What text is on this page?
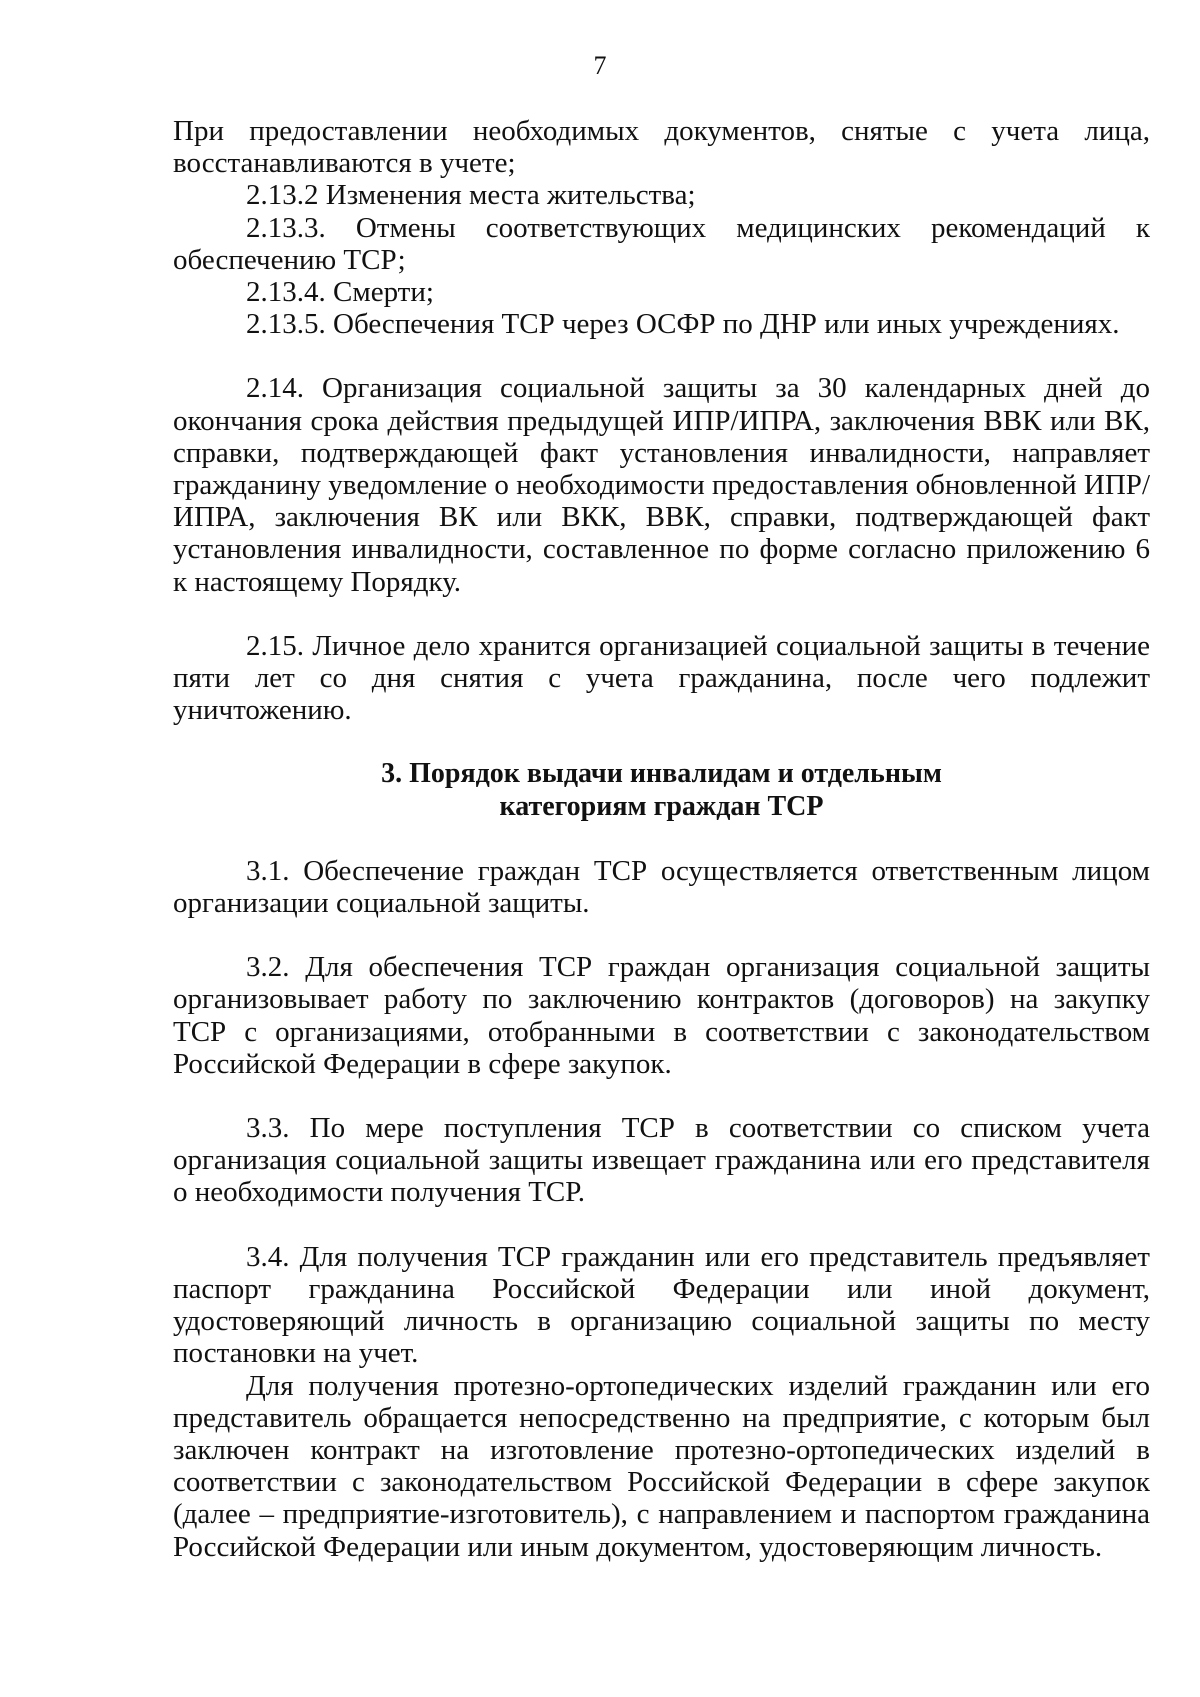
7

При предоставлении необходимых документов, снятые с учета лица, восстанавливаются в учете;

2.13.2 Изменения места жительства;

2.13.3. Отмены соответствующих медицинских рекомендаций к обеспечению ТСР;

2.13.4. Смерти;

2.13.5. Обеспечения ТСР через ОСФР по ДНР или иных учреждениях.

2.14. Организация социальной защиты за 30 календарных дней до окончания срока действия предыдущей ИПР/ИПРА, заключения ВВК или ВК, справки, подтверждающей факт установления инвалидности, направляет гражданину уведомление о необходимости предоставления обновленной ИПР/ИПРА, заключения ВК или ВКК, ВВК, справки, подтверждающей факт установления инвалидности, составленное по форме согласно приложению 6 к настоящему Порядку.

2.15. Личное дело хранится организацией социальной защиты в течение пяти лет со дня снятия с учета гражданина, после чего подлежит уничтожению.

3. Порядок выдачи инвалидам и отдельным
категориям граждан ТСР

3.1. Обеспечение граждан ТСР осуществляется ответственным лицом организации социальной защиты.

3.2. Для обеспечения ТСР граждан организация социальной защиты организовывает работу по заключению контрактов (договоров) на закупку ТСР с организациями, отобранными в соответствии с законодательством Российской Федерации в сфере закупок.

3.3. По мере поступления ТСР в соответствии со списком учета организация социальной защиты извещает гражданина или его представителя о необходимости получения ТСР.

3.4. Для получения ТСР гражданин или его представитель предъявляет паспорт гражданина Российской Федерации или иной документ, удостоверяющий личность в организацию социальной защиты по месту постановки на учет.

Для получения протезно-ортопедических изделий гражданин или его представитель обращается непосредственно на предприятие, с которым был заключен контракт на изготовление протезно-ортопедических изделий в соответствии с законодательством Российской Федерации в сфере закупок (далее – предприятие-изготовитель), с направлением и паспортом гражданина Российской Федерации или иным документом, удостоверяющим личность.
